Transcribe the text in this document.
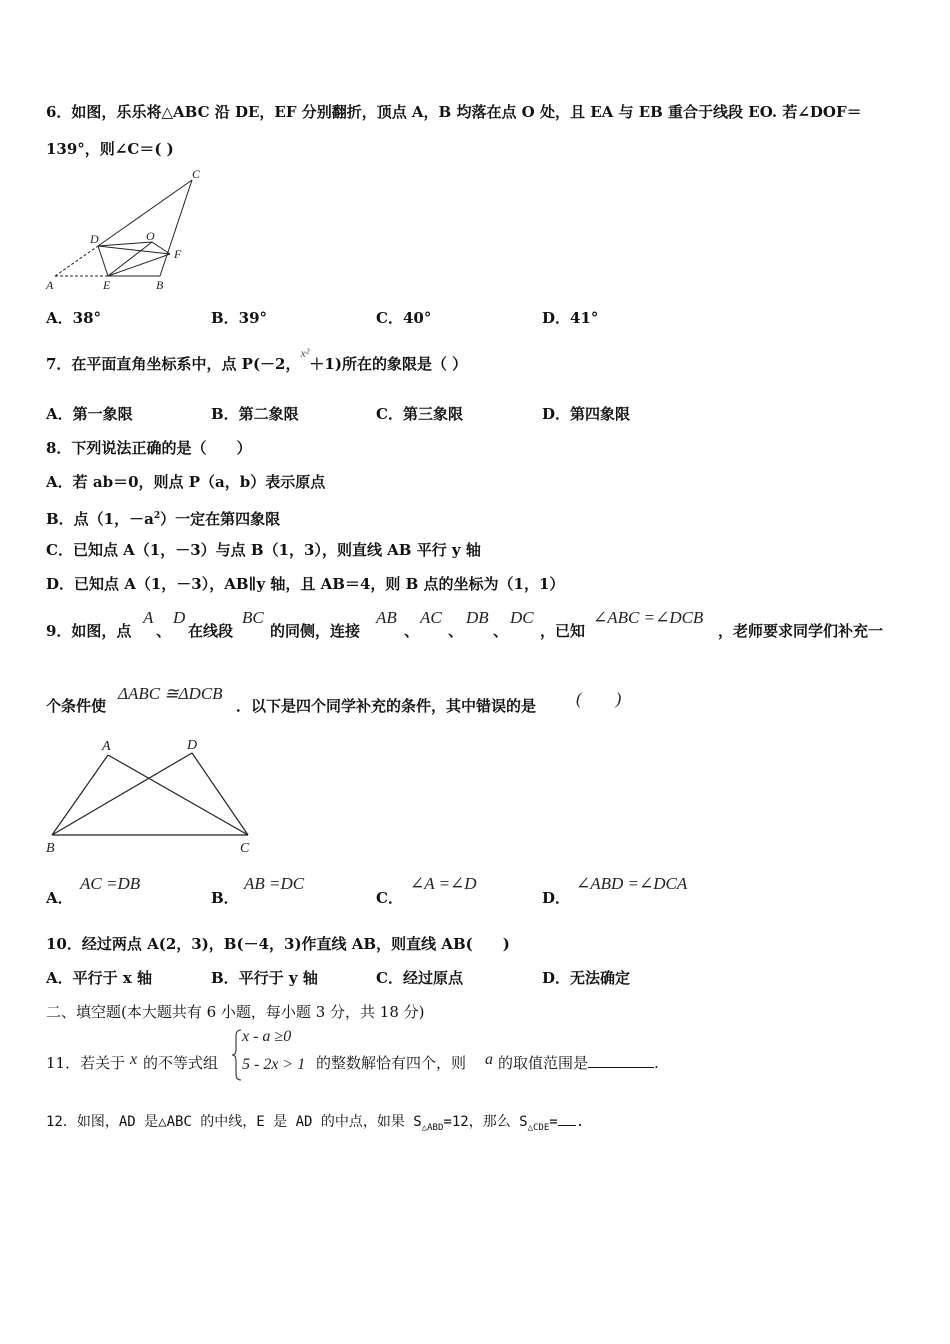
6．如图，乐乐将△ABC 沿 DE，EF 分别翻折，顶点 A，B 均落在点 O 处，且 EA 与 EB 重合于线段 EO. 若∠DOF＝
139°，则∠C＝( )
C
D	O
F
A	E	B
A．38°	B．39°	C．40°	D．41°
7．在平面直角坐标系中，点 P(－2，$^{x^2}$＋1)所在的象限是（ ）
A．第一象限	B．第二象限	C．第三象限	D．第四象限
8．下列说法正确的是（　　）
A．若 ab＝0，则点 P（a，b）表示原点
B．点（1，$-a^2$）一定在第四象限
C．已知点 A（1，－3）与点 B（1，3），则直线 AB 平行 y 轴
D．已知点 A（1，－3），AB∥y 轴，且 AB＝4，则 B 点的坐标为（1，1）
9．如图，点
A
、
D
在线段
BC
的同侧，连接
AB
、
AC
、
DB
、
DC
，已知
∠ABC =∠DCB
，老师要求同学们补充一
个条件使
ΔABC ≅ΔDCB
．以下是四个同学补充的条件，其中错误的是 (　　)
A	D
B	C
A．
AC =DB
B．
AB =DC
C．
∠A =∠D
D．
∠ABD =∠DCA
10．经过两点 A(2，3)，B(－4，3)作直线 AB，则直线 AB(　　)
A．平行于 x 轴	B．平行于 y 轴	C．经过原点	D．无法确定
二、填空题(本大题共有 6 小题，每小题 3 分，共 18 分)
11．若关于 x 的不等式组
x - a ≥0
5 - 2x > 1 的整数解恰有四个，则 a 的取值范围是	.
12．如图，AD 是△ABC 的中线，E 是 AD 的中点，如果 $S_{\triangle ABD}=12$，那么 $S_{\triangle CDE}=$ .
